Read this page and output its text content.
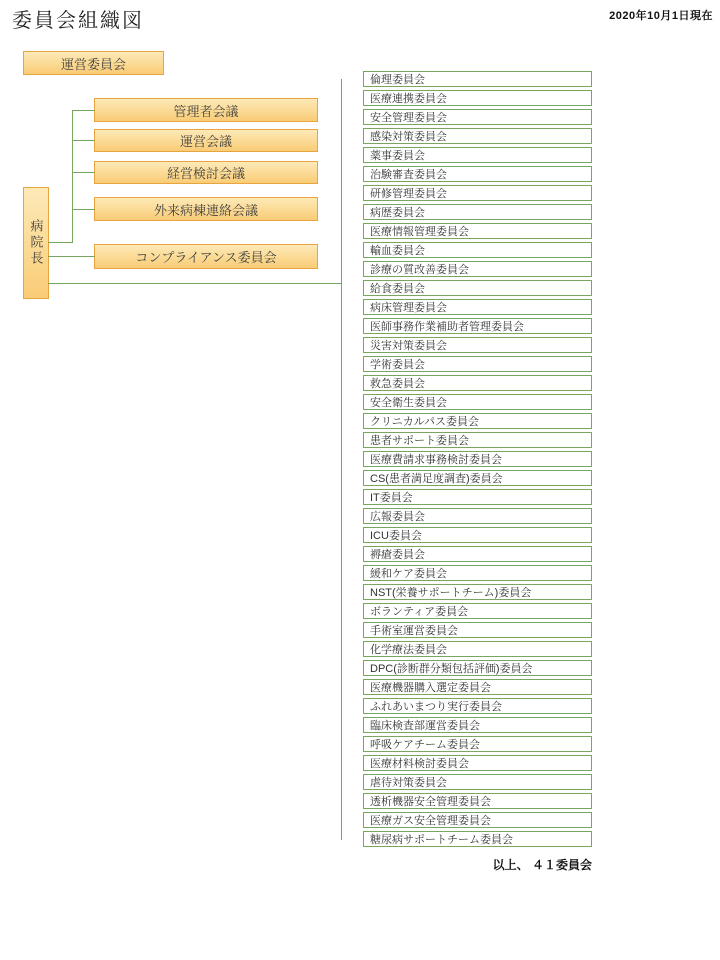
委員会組織図	2020年10月1日現在
運営委員会
病院長
管理者会議
運営会議
経営検討会議
外来病棟連絡会議
コンプライアンス委員会
倫理委員会
医療連携委員会
安全管理委員会
感染対策委員会
薬事委員会
治験審査委員会
研修管理委員会
病歴委員会
医療情報管理委員会
輸血委員会
診療の質改善委員会
給食委員会
病床管理委員会
医師事務作業補助者管理委員会
災害対策委員会
学術委員会
救急委員会
安全衛生委員会
クリニカルパス委員会
患者サポート委員会
医療費請求事務検討委員会
CS(患者満足度調査)委員会
IT委員会
広報委員会
ICU委員会
褥瘡委員会
緩和ケア委員会
NST(栄養サポートチーム)委員会
ボランティア委員会
手術室運営委員会
化学療法委員会
DPC(診断群分類包括評価)委員会
医療機器購入選定委員会
ふれあいまつり実行委員会
臨床検査部運営委員会
呼吸ケアチーム委員会
医療材料検討委員会
虐待対策委員会
透析機器安全管理委員会
医療ガス安全管理委員会
糖尿病サポートチーム委員会
以上、 ４１委員会
